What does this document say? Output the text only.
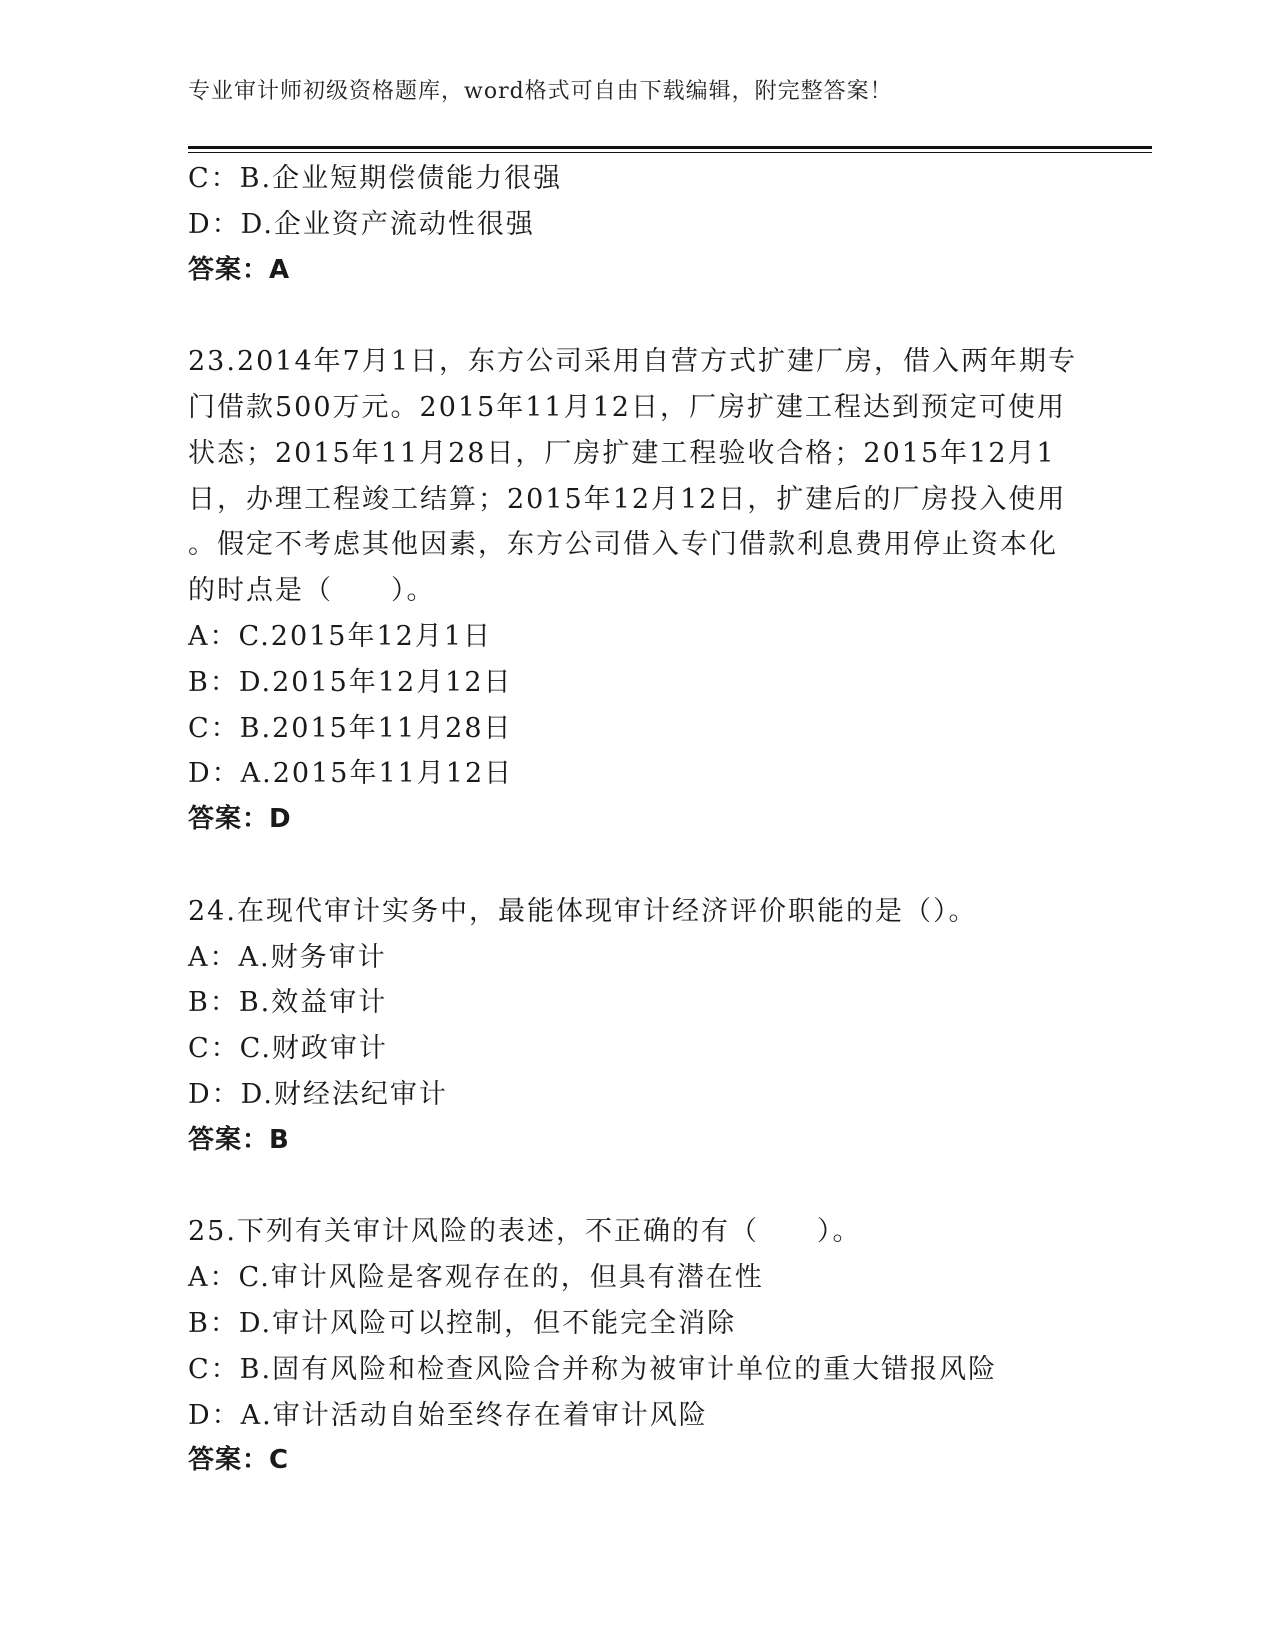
专业审计师初级资格题库，word格式可自由下载编辑，附完整答案！
C：B.企业短期偿债能力很强
D：D.企业资产流动性很强
答案：A
23.2014年7月1日，东方公司采用自营方式扩建厂房，借入两年期专
门借款500万元。2015年11月12日，厂房扩建工程达到预定可使用
状态；2015年11月28日，厂房扩建工程验收合格；2015年12月1
日，办理工程竣工结算；2015年12月12日，扩建后的厂房投入使用
。假定不考虑其他因素，东方公司借入专门借款利息费用停止资本化
的时点是（　　）。
A：C.2015年12月1日
B：D.2015年12月12日
C：B.2015年11月28日
D：A.2015年11月12日
答案：D
24.在现代审计实务中，最能体现审计经济评价职能的是（）。
A：A.财务审计
B：B.效益审计
C：C.财政审计
D：D.财经法纪审计
答案：B
25.下列有关审计风险的表述，不正确的有（　　）。
A：C.审计风险是客观存在的，但具有潜在性
B：D.审计风险可以控制，但不能完全消除
C：B.固有风险和检查风险合并称为被审计单位的重大错报风险
D：A.审计活动自始至终存在着审计风险
答案：C
